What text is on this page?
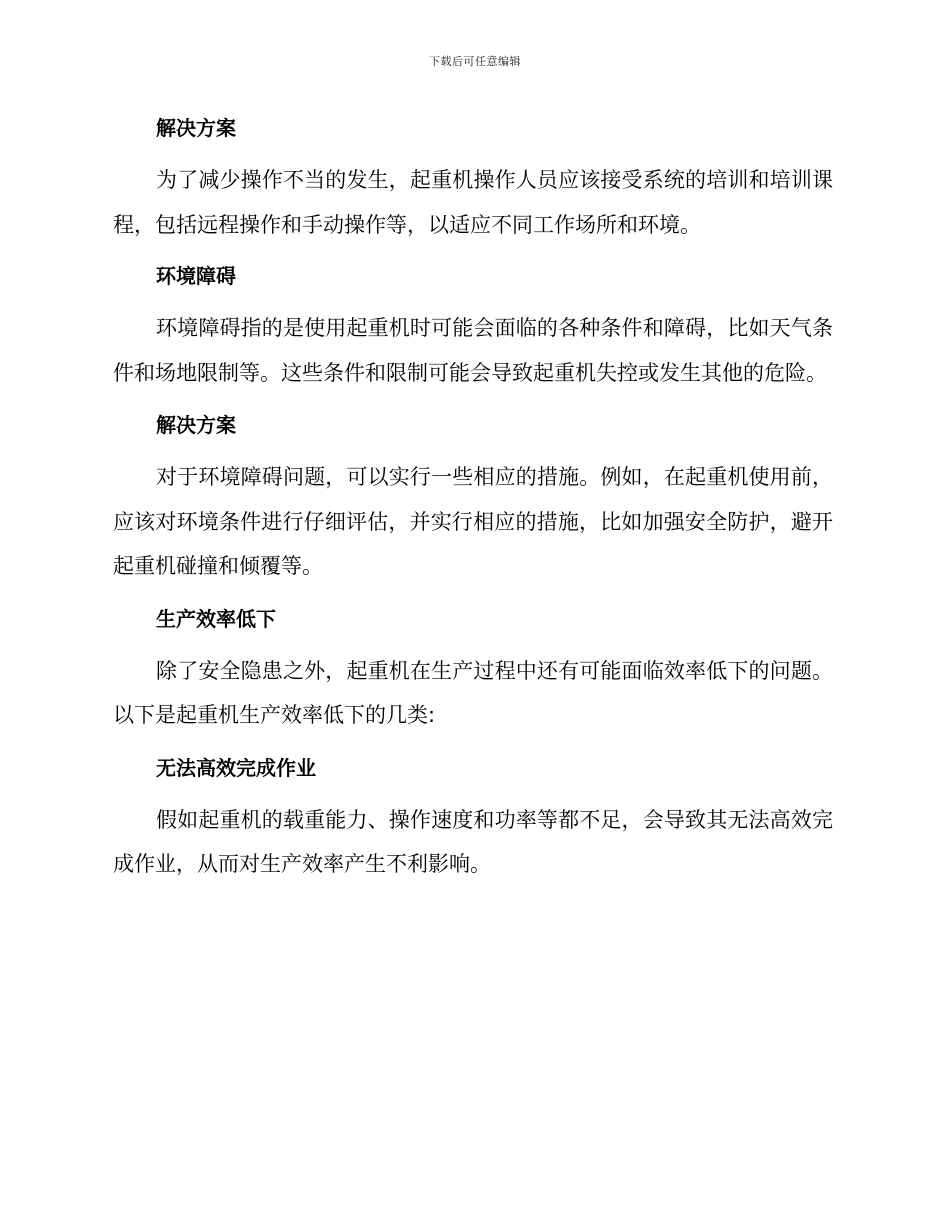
下载后可任意编辑

解决方案

为了减少操作不当的发生，起重机操作人员应该接受系统的培训和培训课程，包括远程操作和手动操作等，以适应不同工作场所和环境。

环境障碍

环境障碍指的是使用起重机时可能会面临的各种条件和障碍，比如天气条件和场地限制等。这些条件和限制可能会导致起重机失控或发生其他的危险。

解决方案

对于环境障碍问题，可以实行一些相应的措施。例如，在起重机使用前，应该对环境条件进行仔细评估，并实行相应的措施，比如加强安全防护，避开起重机碰撞和倾覆等。

生产效率低下

除了安全隐患之外，起重机在生产过程中还有可能面临效率低下的问题。以下是起重机生产效率低下的几类:

无法高效完成作业

假如起重机的载重能力、操作速度和功率等都不足，会导致其无法高效完成作业，从而对生产效率产生不利影响。
